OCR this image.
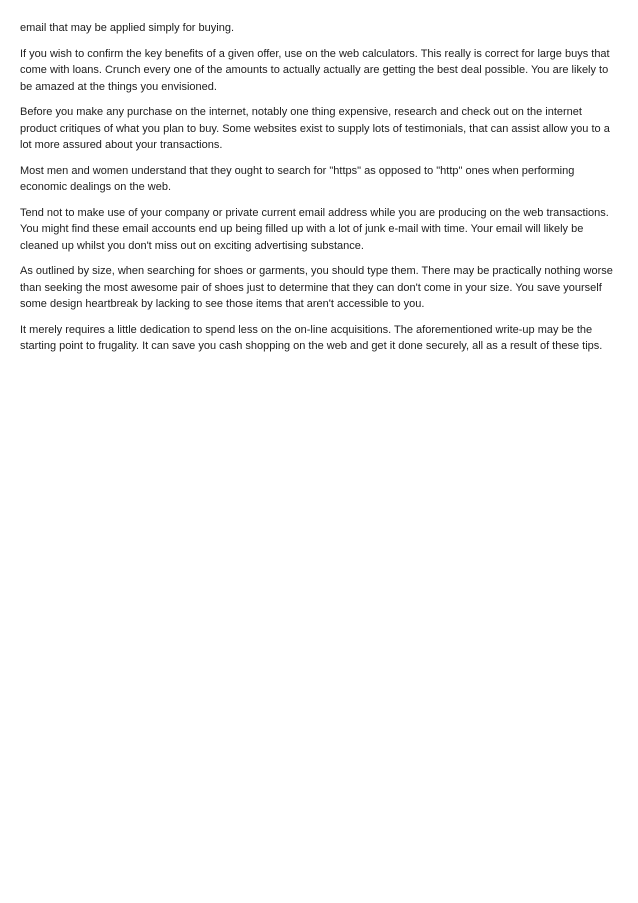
email that may be applied simply for buying.

If you wish to confirm the key benefits of a given offer, use on the web calculators. This really is correct for large buys that come with loans. Crunch every one of the amounts to actually actually are getting the best deal possible. You are likely to be amazed at the things you envisioned.

Before you make any purchase on the internet, notably one thing expensive, research and check out on the internet product critiques of what you plan to buy. Some websites exist to supply lots of testimonials, that can assist allow you to a lot more assured about your transactions.

Most men and women understand that they ought to search for "https" as opposed to "http" ones when performing economic dealings on the web.

Tend not to make use of your company or private current email address while you are producing on the web transactions. You might find these email accounts end up being filled up with a lot of junk e-mail with time. Your email will likely be cleaned up whilst you don't miss out on exciting advertising substance.

As outlined by size, when searching for shoes or garments, you should type them. There may be practically nothing worse than seeking the most awesome pair of shoes just to determine that they can don't come in your size. You save yourself some design heartbreak by lacking to see those items that aren't accessible to you.

It merely requires a little dedication to spend less on the on-line acquisitions. The aforementioned write-up may be the starting point to frugality. It can save you cash shopping on the web and get it done securely, all as a result of these tips.
